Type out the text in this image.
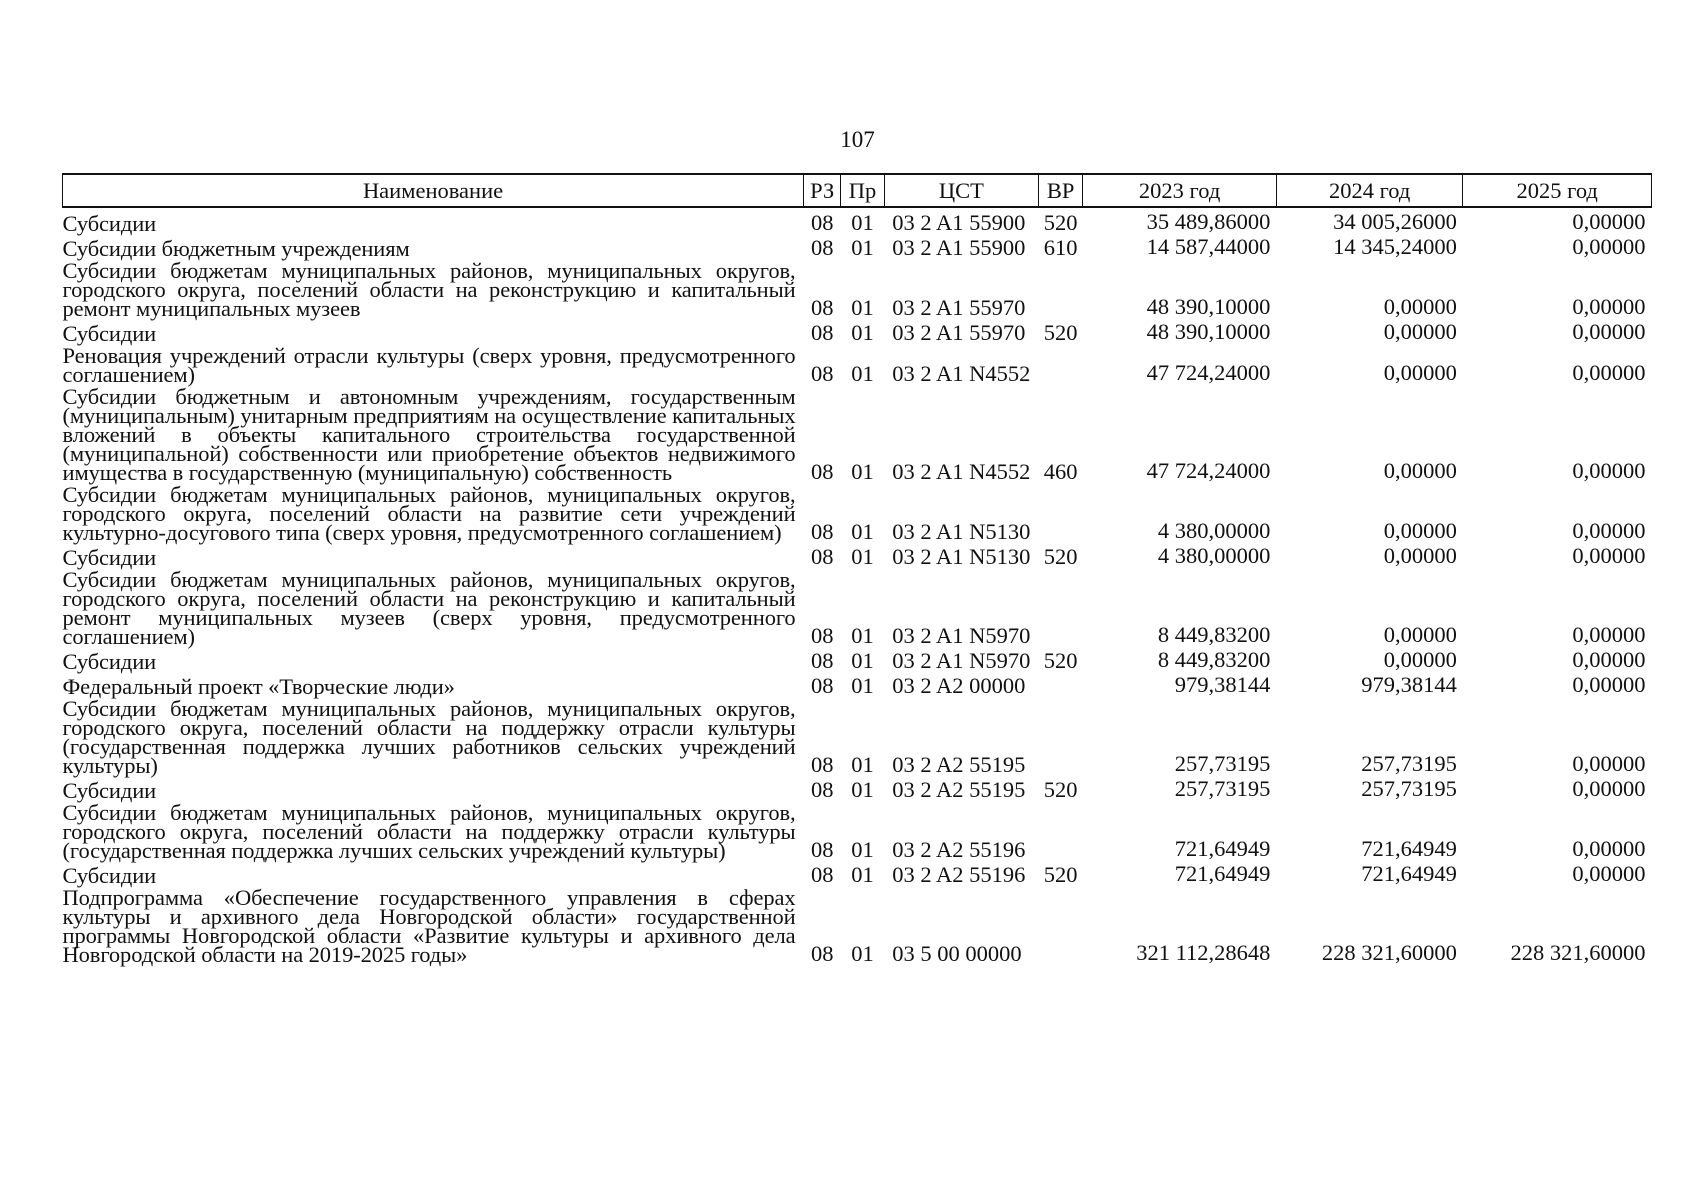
107
Наименование	РЗ	Пр	ЦСТ	ВР	2023 год	2024 год	2025 год
Субсидии	08	01	03 2 A1 55900	520	35 489,86000	34 005,26000	0,00000
Субсидии бюджетным учреждениям	08	01	03 2 A1 55900	610	14 587,44000	14 345,24000	0,00000
Субсидии бюджетам муниципальных районов, муниципальных округов, городского округа, поселений области на реконструкцию и капитальный ремонт муниципальных музеев	08	01	03 2 A1 55970		48 390,10000	0,00000	0,00000
Субсидии	08	01	03 2 A1 55970	520	48 390,10000	0,00000	0,00000
Реновация учреждений отрасли культуры (сверх уровня, предусмотренного соглашением)	08	01	03 2 A1 N4552		47 724,24000	0,00000	0,00000
Субсидии бюджетным и автономным учреждениям, государственным (муниципальным) унитарным предприятиям на осуществление капитальных вложений в объекты капитального строительства государственной (муниципальной) собственности или приобретение объектов недвижимого имущества в государственную (муниципальную) собственность	08	01	03 2 A1 N4552	460	47 724,24000	0,00000	0,00000
Субсидии бюджетам муниципальных районов, муниципальных округов, городского округа, поселений области на развитие сети учреждений культурно-досугового типа (сверх уровня, предусмотренного соглашением)	08	01	03 2 A1 N5130		4 380,00000	0,00000	0,00000
Субсидии	08	01	03 2 A1 N5130	520	4 380,00000	0,00000	0,00000
Субсидии бюджетам муниципальных районов, муниципальных округов, городского округа, поселений области на реконструкцию и капитальный ремонт муниципальных музеев (сверх уровня, предусмотренного соглашением)	08	01	03 2 A1 N5970		8 449,83200	0,00000	0,00000
Субсидии	08	01	03 2 A1 N5970	520	8 449,83200	0,00000	0,00000
Федеральный проект «Творческие люди»	08	01	03 2 A2 00000		979,38144	979,38144	0,00000
Субсидии бюджетам муниципальных районов, муниципальных округов, городского округа, поселений области на поддержку отрасли культуры (государственная поддержка лучших работников сельских учреждений культуры)	08	01	03 2 A2 55195		257,73195	257,73195	0,00000
Субсидии	08	01	03 2 A2 55195	520	257,73195	257,73195	0,00000
Субсидии бюджетам муниципальных районов, муниципальных округов, городского округа, поселений области на поддержку отрасли культуры (государственная поддержка лучших сельских учреждений культуры)	08	01	03 2 A2 55196		721,64949	721,64949	0,00000
Субсидии	08	01	03 2 A2 55196	520	721,64949	721,64949	0,00000
Подпрограмма «Обеспечение государственного управления в сферах культуры и архивного дела Новгородской области» государственной программы Новгородской области «Развитие культуры и архивного дела Новгородской области на 2019-2025 годы»	08	01	03 5 00 00000		321 112,28648	228 321,60000	228 321,60000
